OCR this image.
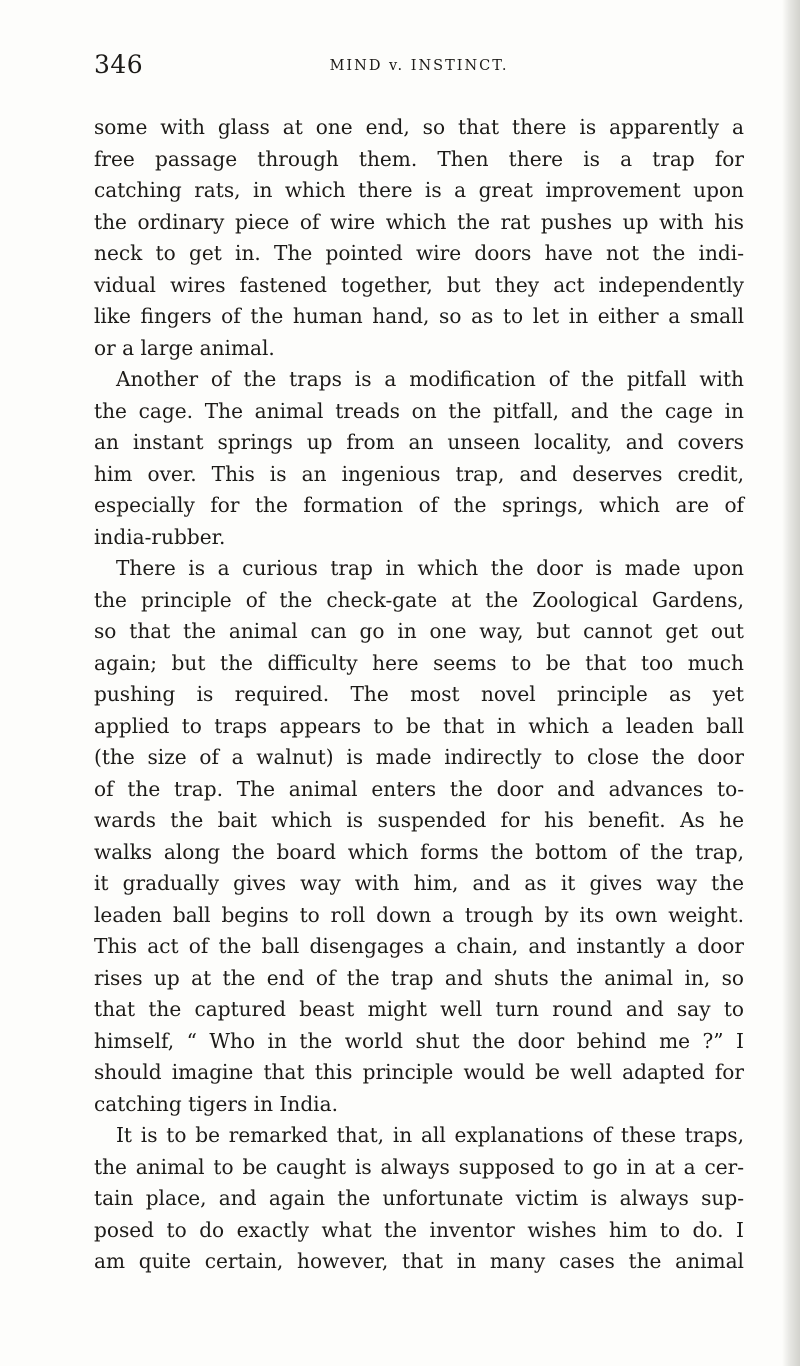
346	MIND v. INSTINCT.
some with glass at one end, so that there is apparently a
free passage through them. Then there is a trap for
catching rats, in which there is a great improvement upon
the ordinary piece of wire which the rat pushes up with his
neck to get in. The pointed wire doors have not the indi-
vidual wires fastened together, but they act independently
like fingers of the human hand, so as to let in either a small
or a large animal.
Another of the traps is a modification of the pitfall with
the cage. The animal treads on the pitfall, and the cage in
an instant springs up from an unseen locality, and covers
him over. This is an ingenious trap, and deserves credit,
especially for the formation of the springs, which are of
india-rubber.
There is a curious trap in which the door is made upon
the principle of the check-gate at the Zoological Gardens,
so that the animal can go in one way, but cannot get out
again; but the difficulty here seems to be that too much
pushing is required. The most novel principle as yet
applied to traps appears to be that in which a leaden ball
(the size of a walnut) is made indirectly to close the door
of the trap. The animal enters the door and advances to-
wards the bait which is suspended for his benefit. As he
walks along the board which forms the bottom of the trap,
it gradually gives way with him, and as it gives way the
leaden ball begins to roll down a trough by its own weight.
This act of the ball disengages a chain, and instantly a door
rises up at the end of the trap and shuts the animal in, so
that the captured beast might well turn round and say to
himself, “ Who in the world shut the door behind me ?” I
should imagine that this principle would be well adapted for
catching tigers in India.
It is to be remarked that, in all explanations of these traps,
the animal to be caught is always supposed to go in at a cer-
tain place, and again the unfortunate victim is always sup-
posed to do exactly what the inventor wishes him to do. I
am quite certain, however, that in many cases the animal
